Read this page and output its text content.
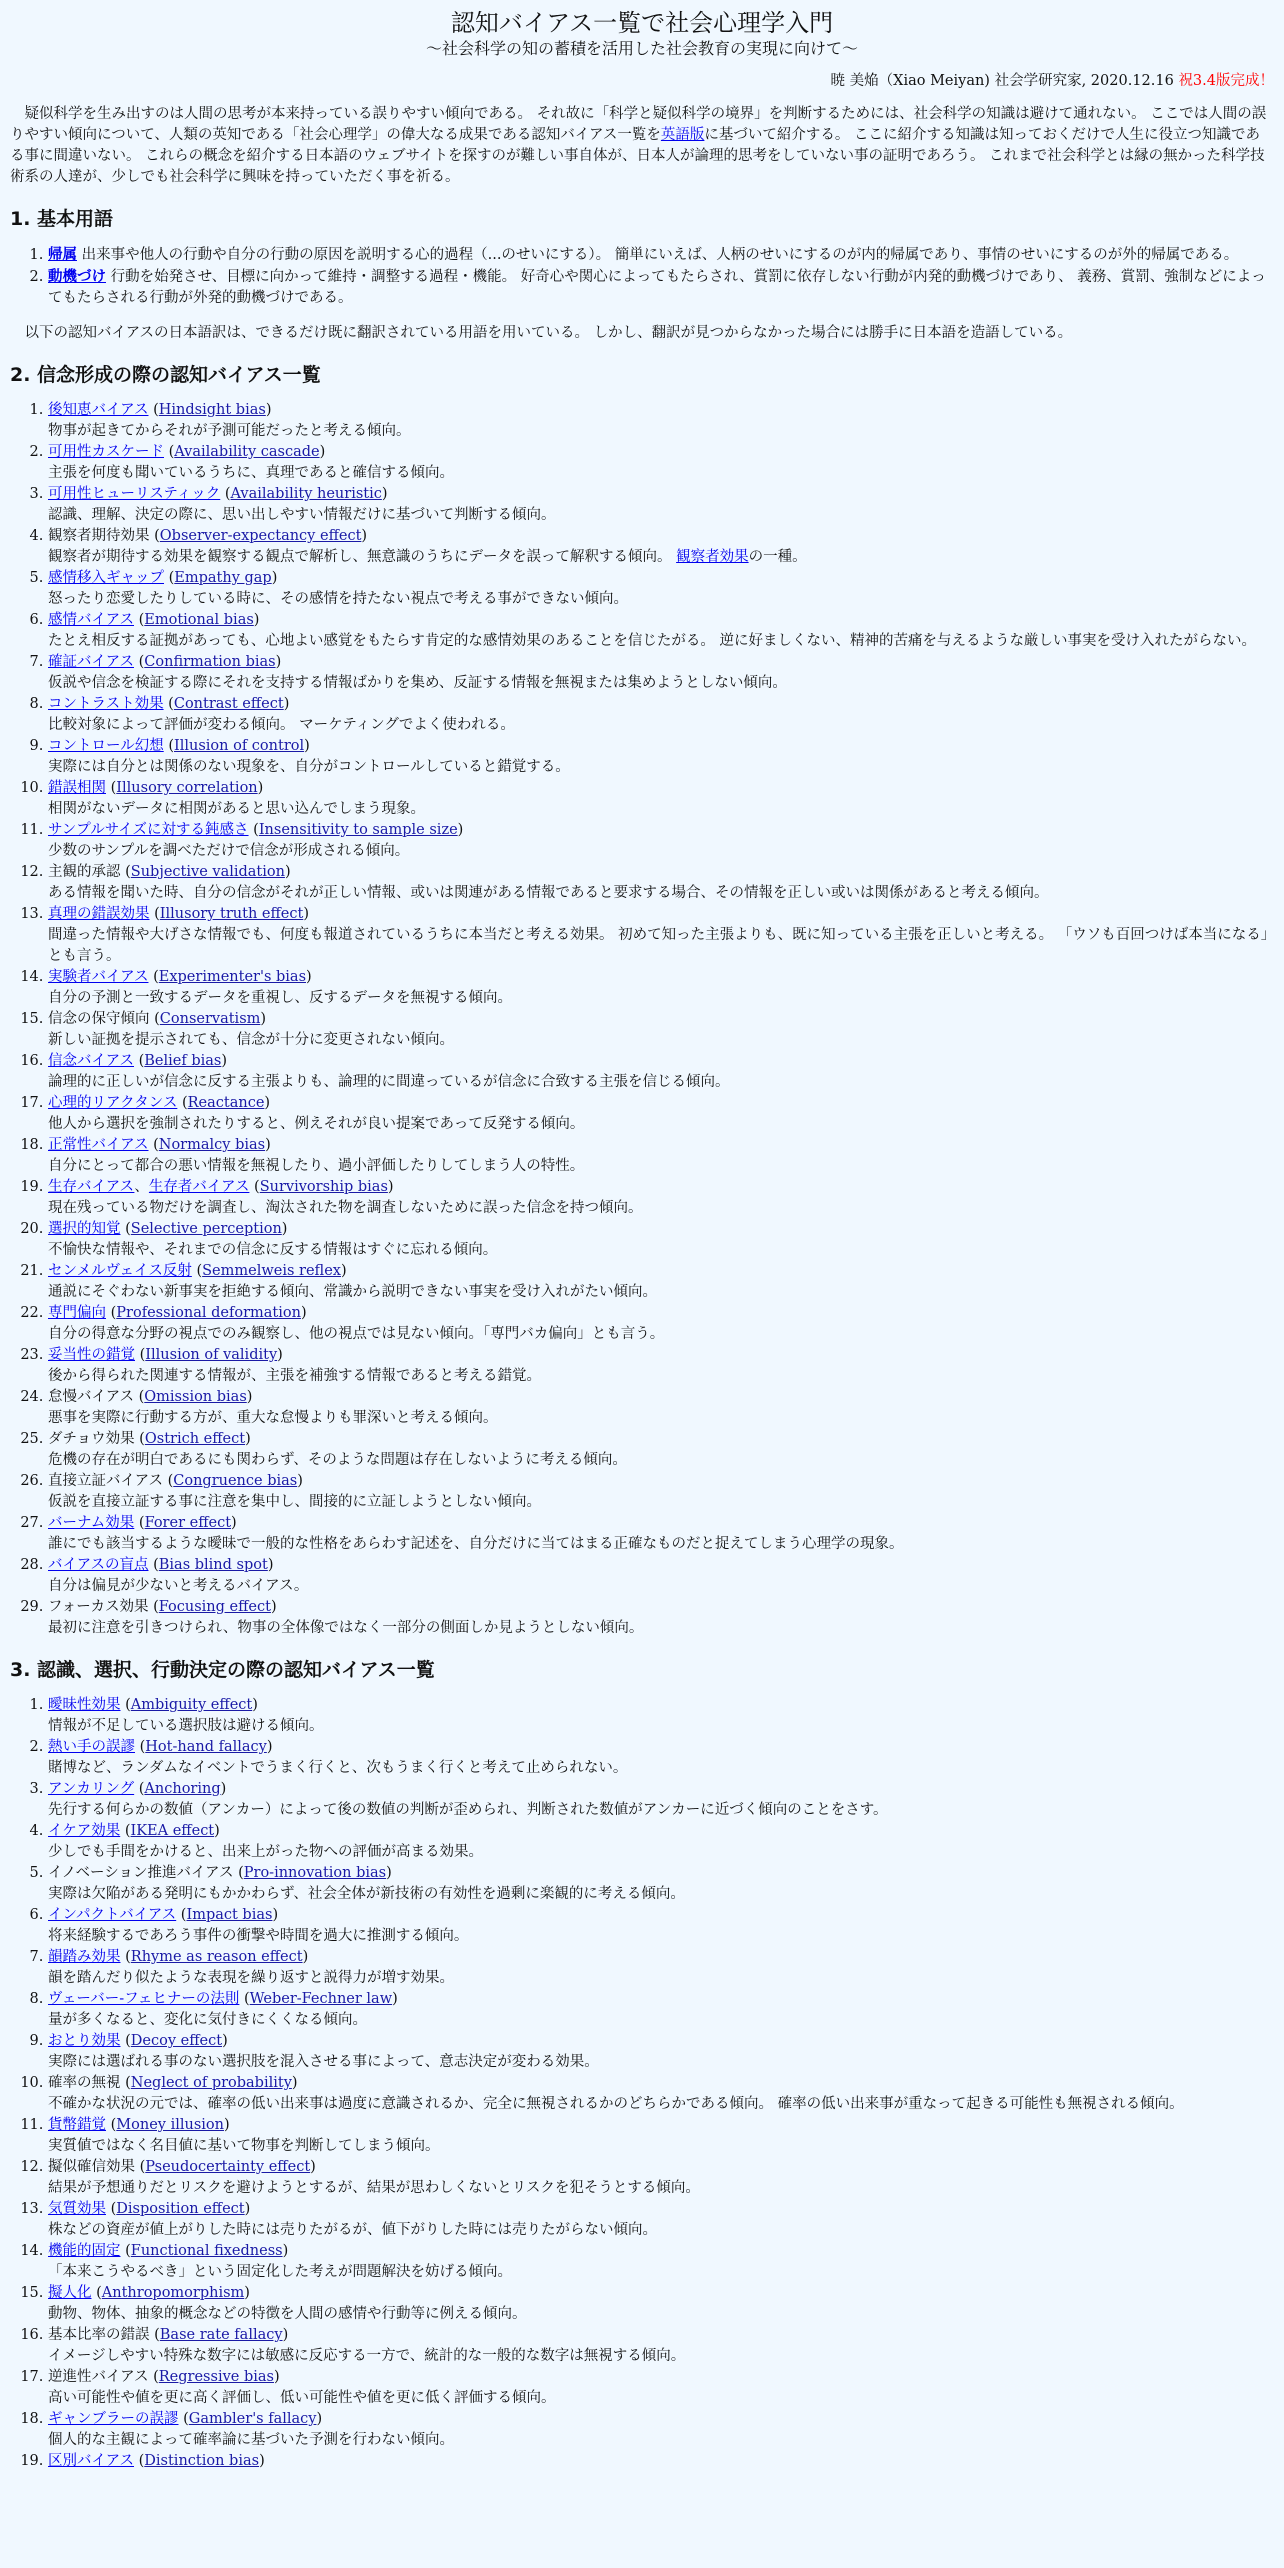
認知バイアス一覧で社会心理学入門
〜社会科学の知の蓄積を活用した社会教育の実現に向けて〜
暁 美焔（Xiao Meiyan) 社会学研究家, 2020.12.16 祝3.4版完成！

疑似科学を生み出すのは人間の思考が本来持っている誤りやすい傾向である。 それ故に「科学と疑似科学の境界」を判断するためには、社会科学の知識は避けて通れない。 ここでは人間の誤りやすい傾向について、人類の英知である「社会心理学」の偉大なる成果である認知バイアス一覧を英語版に基づいて紹介する。 ここに紹介する知識は知っておくだけで人生に役立つ知識である事に間違いない。 これらの概念を紹介する日本語のウェブサイトを探すのが難しい事自体が、日本人が論理的思考をしていない事の証明であろう。 これまで社会科学とは縁の無かった科学技術系の人達が、少しでも社会科学に興味を持っていただく事を祈る。

1. 基本用語
1. 帰属 出来事や他人の行動や自分の行動の原因を説明する心的過程（...のせいにする）。 簡単にいえば、人柄のせいにするのが内的帰属であり、事情のせいにするのが外的帰属である。
2. 動機づけ 行動を始発させ、目標に向かって維持・調整する過程・機能。 好奇心や関心によってもたらされ、賞罰に依存しない行動が内発的動機づけであり、 義務、賞罰、強制などによってもたらされる行動が外発的動機づけである。

以下の認知バイアスの日本語訳は、できるだけ既に翻訳されている用語を用いている。 しかし、翻訳が見つからなかった場合には勝手に日本語を造語している。

2. 信念形成の際の認知バイアス一覧
1. 後知恵バイアス (Hindsight bias)
物事が起きてからそれが予測可能だったと考える傾向。
2. 可用性カスケード (Availability cascade)
主張を何度も聞いているうちに、真理であると確信する傾向。
3. 可用性ヒューリスティック (Availability heuristic)
認識、理解、決定の際に、思い出しやすい情報だけに基づいて判断する傾向。
4. 観察者期待効果 (Observer-expectancy effect)
観察者が期待する効果を観察する観点で解析し、無意識のうちにデータを誤って解釈する傾向。 観察者効果の一種。
5. 感情移入ギャップ (Empathy gap)
怒ったり恋愛したりしている時に、その感情を持たない視点で考える事ができない傾向。
6. 感情バイアス (Emotional bias)
たとえ相反する証拠があっても、心地よい感覚をもたらす肯定的な感情効果のあることを信じたがる。 逆に好ましくない、精神的苦痛を与えるような厳しい事実を受け入れたがらない。
7. 確証バイアス (Confirmation bias)
仮説や信念を検証する際にそれを支持する情報ばかりを集め、反証する情報を無視または集めようとしない傾向。
8. コントラスト効果 (Contrast effect)
比較対象によって評価が変わる傾向。 マーケティングでよく使われる。
9. コントロール幻想 (Illusion of control)
実際には自分とは関係のない現象を、自分がコントロールしていると錯覚する。
10. 錯誤相関 (Illusory correlation)
相関がないデータに相関があると思い込んでしまう現象。
11. サンプルサイズに対する鈍感さ (Insensitivity to sample size)
少数のサンプルを調べただけで信念が形成される傾向。
12. 主観的承認 (Subjective validation)
ある情報を聞いた時、自分の信念がそれが正しい情報、或いは関連がある情報であると要求する場合、その情報を正しい或いは関係があると考える傾向。
13. 真理の錯誤効果 (Illusory truth effect)
間違った情報や大げさな情報でも、何度も報道されているうちに本当だと考える効果。 初めて知った主張よりも、既に知っている主張を正しいと考える。 「ウソも百回つけば本当になる」とも言う。
14. 実験者バイアス (Experimenter's bias)
自分の予測と一致するデータを重視し、反するデータを無視する傾向。
15. 信念の保守傾向 (Conservatism)
新しい証拠を提示されても、信念が十分に変更されない傾向。
16. 信念バイアス (Belief bias)
論理的に正しいが信念に反する主張よりも、論理的に間違っているが信念に合致する主張を信じる傾向。
17. 心理的リアクタンス (Reactance)
他人から選択を強制されたりすると、例えそれが良い提案であって反発する傾向。
18. 正常性バイアス (Normalcy bias)
自分にとって都合の悪い情報を無視したり、過小評価したりしてしまう人の特性。
19. 生存バイアス、生存者バイアス (Survivorship bias)
現在残っている物だけを調査し、淘汰された物を調査しないために誤った信念を持つ傾向。
20. 選択的知覚 (Selective perception)
不愉快な情報や、それまでの信念に反する情報はすぐに忘れる傾向。
21. センメルヴェイス反射 (Semmelweis reflex)
通説にそぐわない新事実を拒絶する傾向、常識から説明できない事実を受け入れがたい傾向。
22. 専門偏向 (Professional deformation)
自分の得意な分野の視点でのみ観察し、他の視点では見ない傾向。「専門バカ偏向」とも言う。
23. 妥当性の錯覚 (Illusion of validity)
後から得られた関連する情報が、主張を補強する情報であると考える錯覚。
24. 怠慢バイアス (Omission bias)
悪事を実際に行動する方が、重大な怠慢よりも罪深いと考える傾向。
25. ダチョウ効果 (Ostrich effect)
危機の存在が明白であるにも関わらず、そのような問題は存在しないように考える傾向。
26. 直接立証バイアス (Congruence bias)
仮説を直接立証する事に注意を集中し、間接的に立証しようとしない傾向。
27. バーナム効果 (Forer effect)
誰にでも該当するような曖昧で一般的な性格をあらわす記述を、自分だけに当てはまる正確なものだと捉えてしまう心理学の現象。
28. バイアスの盲点 (Bias blind spot)
自分は偏見が少ないと考えるバイアス。
29. フォーカス効果 (Focusing effect)
最初に注意を引きつけられ、物事の全体像ではなく一部分の側面しか見ようとしない傾向。
3. 認識、選択、行動決定の際の認知バイアス一覧
1. 曖昧性効果 (Ambiguity effect)
情報が不足している選択肢は避ける傾向。
2. 熱い手の誤謬 (Hot-hand fallacy)
賭博など、ランダムなイベントでうまく行くと、次もうまく行くと考えて止められない。
3. アンカリング (Anchoring)
先行する何らかの数値（アンカー）によって後の数値の判断が歪められ、判断された数値がアンカーに近づく傾向のことをさす。
4. イケア効果 (IKEA effect)
少しでも手間をかけると、出来上がった物への評価が高まる効果。
5. イノベーション推進バイアス (Pro-innovation bias)
実際は欠陥がある発明にもかかわらず、社会全体が新技術の有効性を過剰に楽観的に考える傾向。
6. インパクトバイアス (Impact bias)
将来経験するであろう事件の衝撃や時間を過大に推測する傾向。
7. 韻踏み効果 (Rhyme as reason effect)
韻を踏んだり似たような表現を繰り返すと説得力が増す効果。
8. ヴェーバー-フェヒナーの法則 (Weber-Fechner law)
量が多くなると、変化に気付きにくくなる傾向。
9. おとり効果 (Decoy effect)
実際には選ばれる事のない選択肢を混入させる事によって、意志決定が変わる効果。
10. 確率の無視 (Neglect of probability)
不確かな状況の元では、確率の低い出来事は過度に意識されるか、完全に無視されるかのどちらかである傾向。 確率の低い出来事が重なって起きる可能性も無視される傾向。
11. 貨幣錯覚 (Money illusion)
実質値ではなく名目値に基いて物事を判断してしまう傾向。
12. 擬似確信効果 (Pseudocertainty effect)
結果が予想通りだとリスクを避けようとするが、結果が思わしくないとリスクを犯そうとする傾向。
13. 気質効果 (Disposition effect)
株などの資産が値上がりした時には売りたがるが、値下がりした時には売りたがらない傾向。
14. 機能的固定 (Functional fixedness)
「本来こうやるべき」という固定化した考えが問題解決を妨げる傾向。
15. 擬人化 (Anthropomorphism)
動物、物体、抽象的概念などの特徴を人間の感情や行動等に例える傾向。
16. 基本比率の錯誤 (Base rate fallacy)
イメージしやすい特殊な数字には敏感に反応する一方で、統計的な一般的な数字は無視する傾向。
17. 逆進性バイアス (Regressive bias)
高い可能性や値を更に高く評価し、低い可能性や値を更に低く評価する傾向。
18. ギャンブラーの誤謬 (Gambler's fallacy)
個人的な主観によって確率論に基づいた予測を行わない傾向。
19. 区別バイアス (Distinction bias)
